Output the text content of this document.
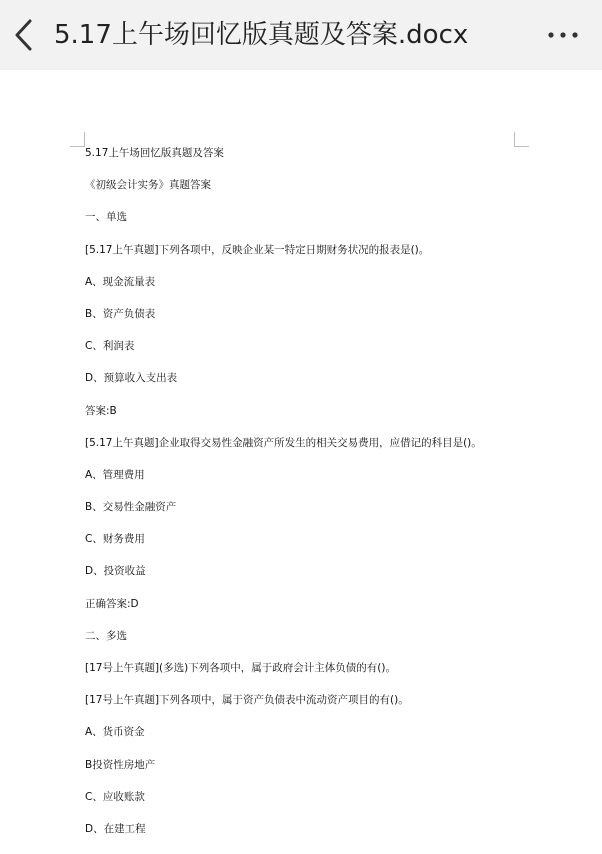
5.17上午场回忆版真题及答案.docx
5.17上午场回忆版真题及答案
《初级会计实务》真题答案
一、单选
[5.17上午真题]下列各项中，反映企业某一特定日期财务状况的报表是()。
A、现金流量表
B、资产负债表
C、利润表
D、预算收入支出表
答案:B
[5.17上午真题]企业取得交易性金融资产所发生的相关交易费用，应借记的科目是()。
A、管理费用
B、交易性金融资产
C、财务费用
D、投资收益
正确答案:D
二、多选
[17号上午真题](多选)下列各项中，属于政府会计主体负债的有()。
[17号上午真题]下列各项中，属于资产负债表中流动资产项目的有()。
A、货币资金
B投资性房地产
C、应收账款
D、在建工程
